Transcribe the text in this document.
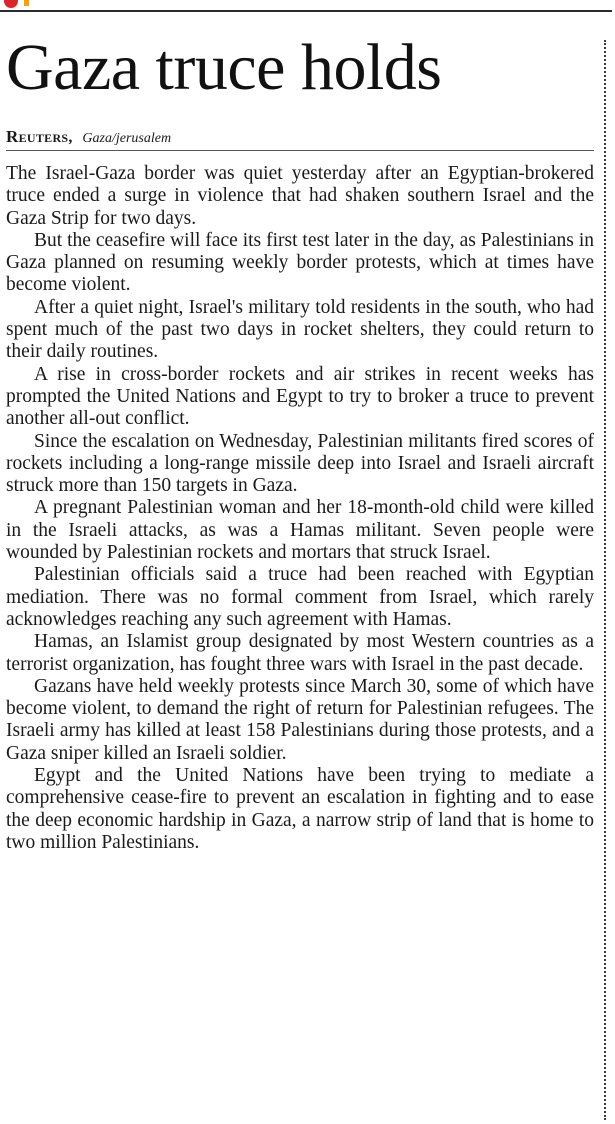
Gaza truce holds
Reuters, Gaza/jerusalem

The Israel-Gaza border was quiet yesterday after an Egyptian-brokered truce ended a surge in violence that had shaken southern Israel and the Gaza Strip for two days.

But the ceasefire will face its first test later in the day, as Palestinians in Gaza planned on resuming weekly border protests, which at times have become violent.

After a quiet night, Israel's military told residents in the south, who had spent much of the past two days in rocket shelters, they could return to their daily routines.

A rise in cross-border rockets and air strikes in recent weeks has prompted the United Nations and Egypt to try to broker a truce to prevent another all-out conflict.

Since the escalation on Wednesday, Palestinian militants fired scores of rockets including a long-range missile deep into Israel and Israeli aircraft struck more than 150 targets in Gaza.

A pregnant Palestinian woman and her 18-month-old child were killed in the Israeli attacks, as was a Hamas militant. Seven people were wounded by Palestinian rockets and mortars that struck Israel.

Palestinian officials said a truce had been reached with Egyptian mediation. There was no formal comment from Israel, which rarely acknowledges reaching any such agreement with Hamas.

Hamas, an Islamist group designated by most Western countries as a terrorist organization, has fought three wars with Israel in the past decade.

Gazans have held weekly protests since March 30, some of which have become violent, to demand the right of return for Palestinian refugees. The Israeli army has killed at least 158 Palestinians during those protests, and a Gaza sniper killed an Israeli soldier.

Egypt and the United Nations have been trying to mediate a comprehensive cease-fire to prevent an escalation in fighting and to ease the deep economic hardship in Gaza, a narrow strip of land that is home to two million Palestinians.
